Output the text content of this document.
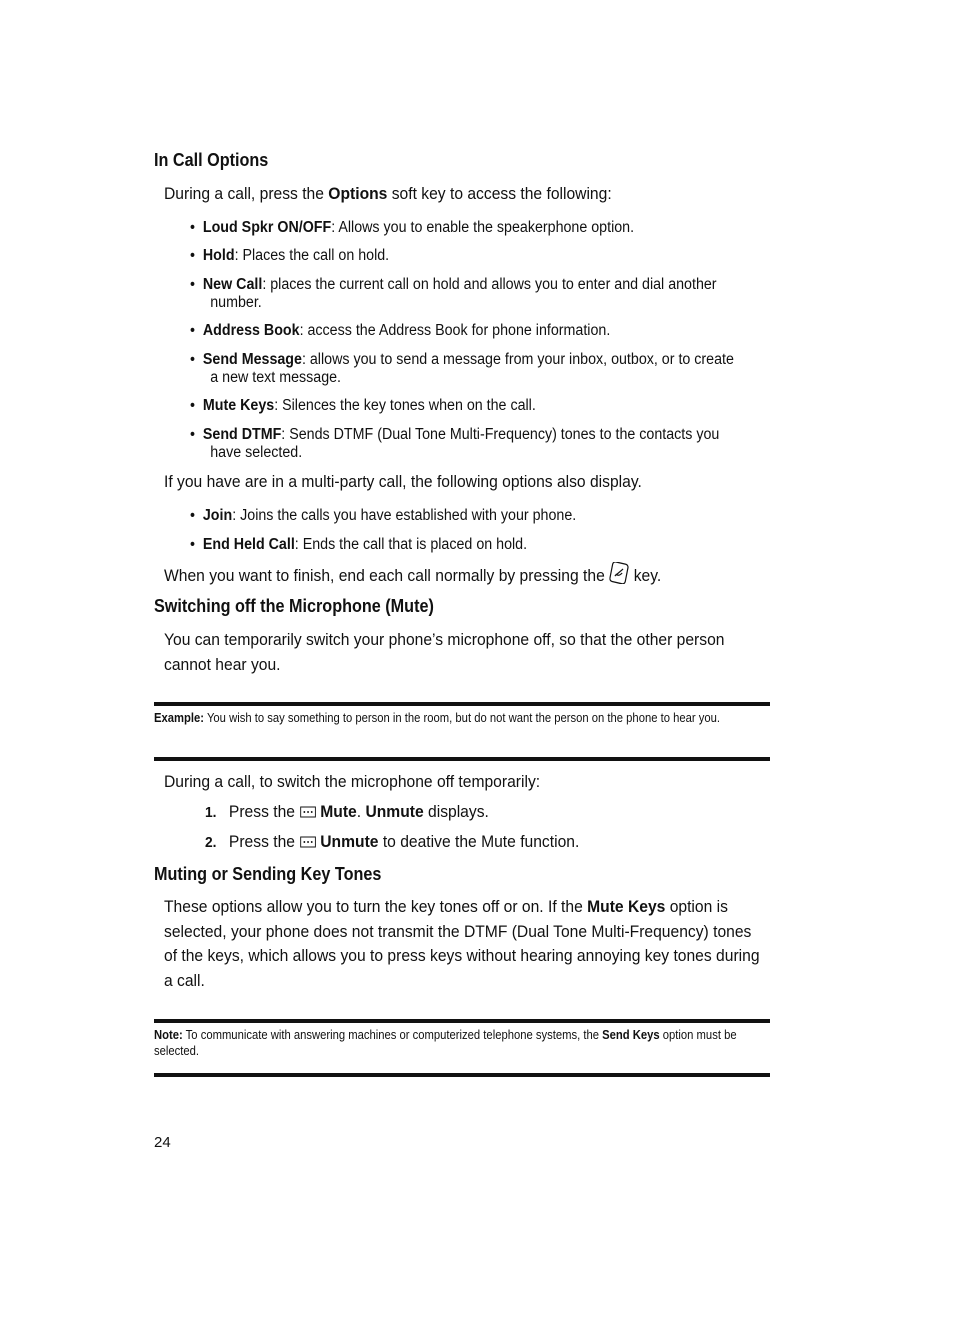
In Call Options
During a call, press the Options soft key to access the following:
• Loud Spkr ON/OFF: Allows you to enable the speakerphone option.
• Hold: Places the call on hold.
• New Call: places the current call on hold and allows you to enter and dial another
number.
• Address Book: access the Address Book for phone information.
• Send Message: allows you to send a message from your inbox, outbox, or to create
a new text message.
• Mute Keys: Silences the key tones when on the call.
• Send DTMF: Sends DTMF (Dual Tone Multi-Frequency) tones to the contacts you
have selected.
If you have are in a multi-party call, the following options also display.
• Join: Joins the calls you have established with your phone.
• End Held Call: Ends the call that is placed on hold.
When you want to finish, end each call normally by pressing the key.
Switching off the Microphone (Mute)
You can temporarily switch your phone’s microphone off, so that the other person cannot hear you.
Example: You wish to say something to person in the room, but do not want the person on the phone to hear you.
During a call, to switch the microphone off temporarily:
1. Press the Mute. Unmute displays.
2. Press the Unmute to deative the Mute function.
Muting or Sending Key Tones
These options allow you to turn the key tones off or on. If the Mute Keys option is selected, your phone does not transmit the DTMF (Dual Tone Multi-Frequency) tones of the keys, which allows you to press keys without hearing annoying key tones during a call.
Note: To communicate with answering machines or computerized telephone systems, the Send Keys option must be selected.
24
